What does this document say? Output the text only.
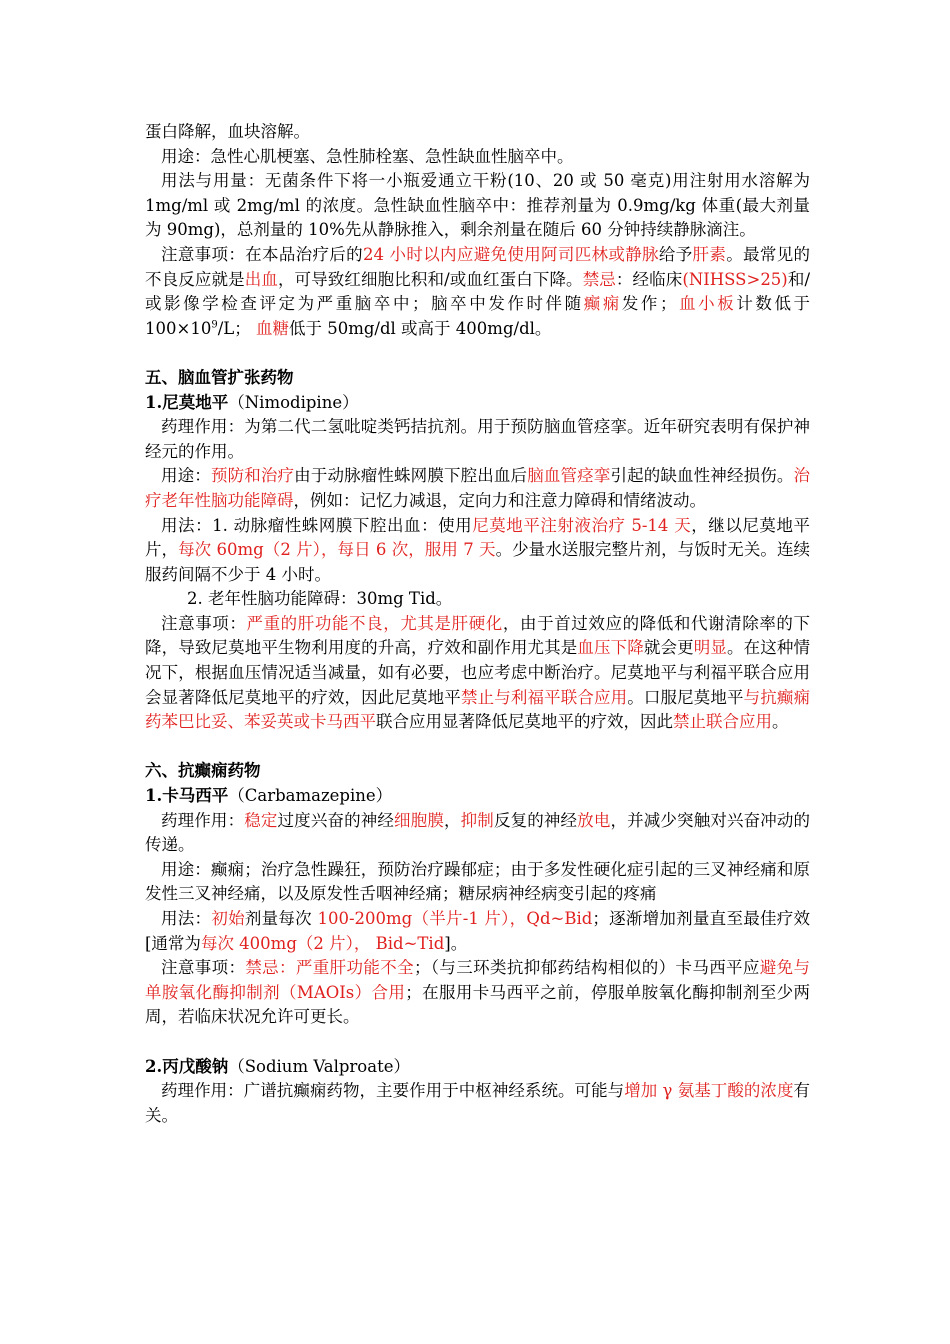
蛋白降解，血块溶解。

用途：急性心肌梗塞、急性肺栓塞、急性缺血性脑卒中。

用法与用量：无菌条件下将一小瓶爱通立干粉(10、20 或 50 毫克)用注射用水溶解为 1mg/ml 或 2mg/ml 的浓度。急性缺血性脑卒中：推荐剂量为 0.9mg/kg 体重(最大剂量为 90mg)，总剂量的 10%先从静脉推入，剩余剂量在随后 60 分钟持续静脉滴注。

注意事项：在本品治疗后的24 小时以内应避免使用阿司匹林或静脉给予肝素。最常见的不良反应就是出血，可导致红细胞比积和/或血红蛋白下降。禁忌：经临床(NIHSS>25)和/或影像学检查评定为严重脑卒中；脑卒中发作时伴随癫痫发作；血小板计数低于 $100\times 10^9/L$； 血糖低于 50mg/dl 或高于 400mg/dl。

五、脑血管扩张药物

1.尼莫地平（Nimodipine）

药理作用：为第二代二氢吡啶类钙拮抗剂。用于预防脑血管痉挛。近年研究表明有保护神经元的作用。

用途：预防和治疗由于动脉瘤性蛛网膜下腔出血后脑血管痉挛引起的缺血性神经损伤。治疗老年性脑功能障碍，例如：记忆力减退，定向力和注意力障碍和情绪波动。

用法：1. 动脉瘤性蛛网膜下腔出血：使用尼莫地平注射液治疗 5-14 天，继以尼莫地平片，每次 60mg（2 片），每日 6 次，服用 7 天。少量水送服完整片剂，与饭时无关。连续服药间隔不少于 4 小时。

2. 老年性脑功能障碍：30mg Tid。

注意事项：严重的肝功能不良，尤其是肝硬化，由于首过效应的降低和代谢清除率的下降，导致尼莫地平生物利用度的升高，疗效和副作用尤其是血压下降就会更明显。在这种情况下，根据血压情况适当减量，如有必要，也应考虑中断治疗。尼莫地平与利福平联合应用会显著降低尼莫地平的疗效，因此尼莫地平禁止与利福平联合应用。口服尼莫地平与抗癫痫药苯巴比妥、苯妥英或卡马西平联合应用显著降低尼莫地平的疗效，因此禁止联合应用。

六、抗癫痫药物

1.卡马西平（Carbamazepine）

药理作用：稳定过度兴奋的神经细胞膜，抑制反复的神经放电，并减少突触对兴奋冲动的传递。

用途：癫痫；治疗急性躁狂，预防治疗躁郁症；由于多发性硬化症引起的三叉神经痛和原发性三叉神经痛，以及原发性舌咽神经痛；糖尿病神经病变引起的疼痛

用法：初始剂量每次 100-200mg（半片-1 片），Qd~Bid；逐渐增加剂量直至最佳疗效[通常为每次 400mg（2 片）， Bid~Tid]。

注意事项：禁忌：严重肝功能不全；（与三环类抗抑郁药结构相似的）卡马西平应避免与单胺氧化酶抑制剂（MAOIs）合用；在服用卡马西平之前，停服单胺氧化酶抑制剂至少两周，若临床状况允许可更长。

2.丙戊酸钠（Sodium Valproate）

药理作用：广谱抗癫痫药物，主要作用于中枢神经系统。可能与增加 γ 氨基丁酸的浓度有关。
